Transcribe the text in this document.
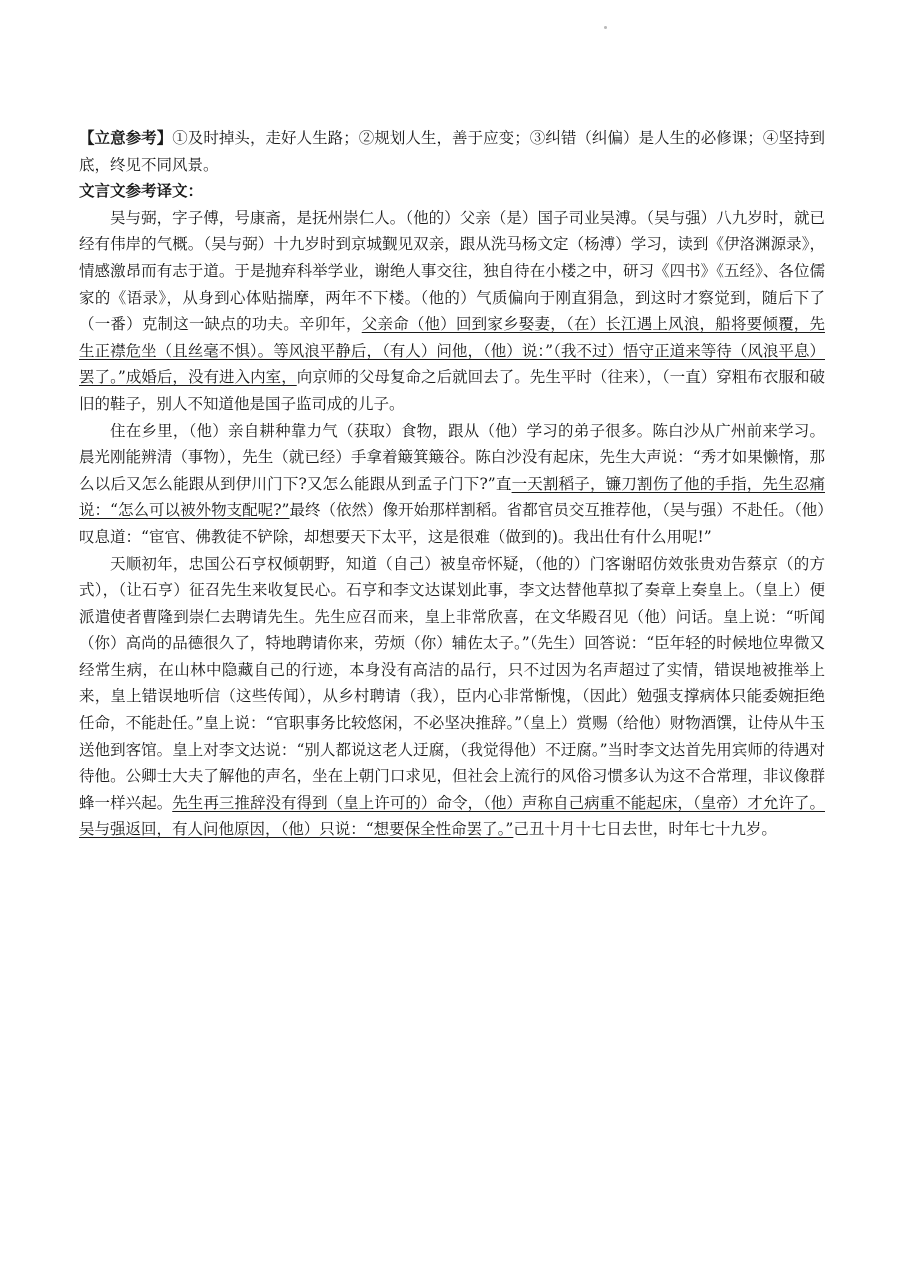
【立意参考】①及时掉头，走好人生路；②规划人生，善于应变；③纠错（纠偏）是人生的必修课；④坚持到底，终见不同风景。

文言文参考译文：

吴与弼，字子傅，号康斋，是抚州崇仁人。（他的）父亲（是）国子司业吴溥。（吴与强）八九岁时，就已经有伟岸的气概。（吴与弼）十九岁时到京城觐见双亲，跟从洗马杨文定（杨溥）学习，读到《伊洛渊源录》，情感激昂而有志于道。于是抛弃科举学业，谢绝人事交往，独自待在小楼之中，研习《四书》《五经》、各位儒家的《语录》，从身到心体贴揣摩，两年不下楼。（他的）气质偏向于刚直狷急，到这时才察觉到，随后下了（一番）克制这一缺点的功夫。辛卯年，父亲命（他）回到家乡娶妻，（在）长江遇上风浪，船将要倾覆，先生正襟危坐（且丝毫不惧）。等风浪平静后，（有人）问他，（他）说：”（我不过）悟守正道来等待（风浪平息）罢了。”成婚后，没有进入内室，向京师的父母复命之后就回去了。先生平时（往来），（一直）穿粗布衣服和破旧的鞋子，别人不知道他是国子监司成的儿子。

住在乡里，（他）亲自耕种靠力气（获取）食物，跟从（他）学习的弟子很多。陈白沙从广州前来学习。晨光刚能辨清（事物），先生（就已经）手拿着簸箕簸谷。陈白沙没有起床，先生大声说：“秀才如果懒惰，那么以后又怎么能跟从到伊川门下?又怎么能跟从到孟子门下?”直一天割稻子，镰刀割伤了他的手指，先生忍痛说：“怎么可以被外物支配呢?”最终（依然）像开始那样割稻。省都官员交互推荐他，（吴与强）不赴任。（他）叹息道：“宦官、佛教徒不铲除，却想要天下太平，这是很难（做到的)。我出仕有什么用呢!”

天顺初年，忠国公石亨权倾朝野，知道（自己）被皇帝怀疑，（他的）门客谢昭仿效张贵劝告蔡京（的方式），（让石亨）征召先生来收复民心。石亨和李文达谋划此事，李文达替他草拟了奏章上奏皇上。（皇上）便派遣使者曹隆到崇仁去聘请先生。先生应召而来，皇上非常欣喜，在文华殿召见（他）问话。皇上说：“听闻（你）高尚的品德很久了，特地聘请你来，劳烦（你）辅佐太子。”（先生）回答说：“臣年轻的时候地位卑微又经常生病，在山林中隐藏自己的行迹，本身没有高洁的品行，只不过因为名声超过了实情，错误地被推举上来，皇上错误地听信（这些传闻），从乡村聘请（我），臣内心非常惭愧，（因此）勉强支撑病体只能委婉拒绝任命，不能赴任。”皇上说：“官职事务比较悠闲，不必坚决推辞。”（皇上）赏赐（给他）财物酒馔，让侍从牛玉送他到客馆。皇上对李文达说：“别人都说这老人迂腐，（我觉得他）不迂腐。”当时李文达首先用宾师的待遇对待他。公卿士大夫了解他的声名，坐在上朝门口求见，但社会上流行的风俗习惯多认为这不合常理，非议像群蜂一样兴起。先生再三推辞没有得到（皇上许可的）命令，（他）声称自己病重不能起床，（皇帝）才允许了。吴与强返回，有人问他原因，（他）只说：“想要保全性命罢了。”己丑十月十七日去世，时年七十九岁。
